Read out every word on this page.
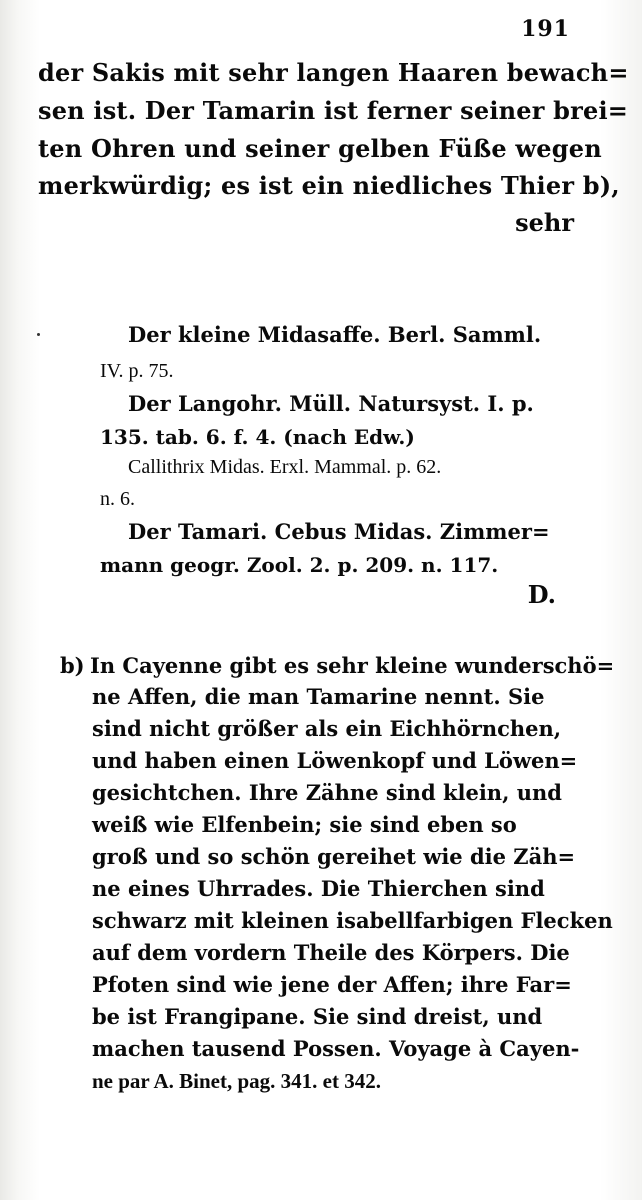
191
der Sakis mit sehr langen Haaren bewach=
sen ist. Der Tamarin ist ferner seiner brei=
ten Ohren und seiner gelben Füße wegen
merkwürdig; es ist ein niedliches Thier b),
sehr
Der kleine Midasaffe. Berl. Samml.
IV. p. 75.
Der Langohr. Müll. Natursyst. I. p.
135. tab. 6. f. 4. (nach Edw.)
Callithrix Midas. Erxl. Mammal. p. 62.
n. 6.
Der Tamari. Cebus Midas. Zimmer=
mann geogr. Zool. 2. p. 209. n. 117.
D.
b) In Cayenne gibt es sehr kleine wunderschö=
ne Affen, die man Tamarine nennt. Sie
sind nicht größer als ein Eichhörnchen,
und haben einen Löwenkopf und Löwen=
gesichtchen. Ihre Zähne sind klein, und
weiß wie Elfenbein; sie sind eben so
groß und so schön gereihet wie die Zäh=
ne eines Uhrrades. Die Thierchen sind
schwarz mit kleinen isabellfarbigen Flecken
auf dem vordern Theile des Körpers. Die
Pfoten sind wie jene der Affen; ihre Far=
be ist Frangipane. Sie sind dreist, und
machen tausend Possen. Voyage à Cayen-
ne par A. Binet, pag. 341. et 342.
